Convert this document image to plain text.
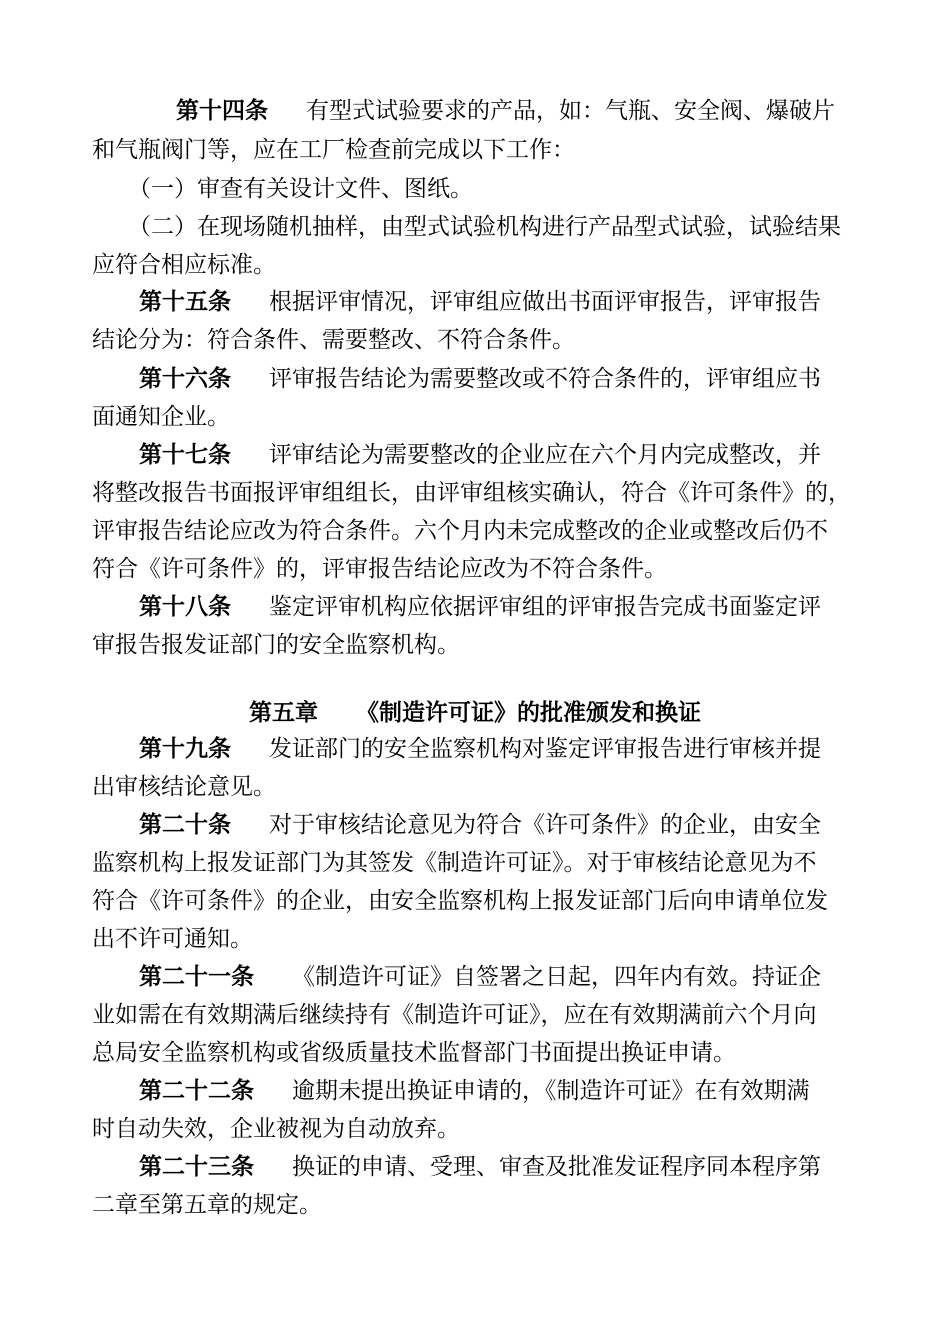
第十四条 有型式试验要求的产品，如：气瓶、安全阀、爆破片
和气瓶阀门等，应在工厂检查前完成以下工作：
（一）审查有关设计文件、图纸。
（二）在现场随机抽样，由型式试验机构进行产品型式试验，试验结果
应符合相应标准。
第十五条 根据评审情况，评审组应做出书面评审报告，评审报告
结论分为：符合条件、需要整改、不符合条件。
第十六条 评审报告结论为需要整改或不符合条件的，评审组应书
面通知企业。
第十七条 评审结论为需要整改的企业应在六个月内完成整改，并
将整改报告书面报评审组组长，由评审组核实确认，符合《许可条件》的，
评审报告结论应改为符合条件。六个月内未完成整改的企业或整改后仍不
符合《许可条件》的，评审报告结论应改为不符合条件。
第十八条 鉴定评审机构应依据评审组的评审报告完成书面鉴定评
审报告报发证部门的安全监察机构。
第五章 《制造许可证》的批准颁发和换证
第十九条 发证部门的安全监察机构对鉴定评审报告进行审核并提
出审核结论意见。
第二十条 对于审核结论意见为符合《许可条件》的企业，由安全
监察机构上报发证部门为其签发《制造许可证》。对于审核结论意见为不
符合《许可条件》的企业，由安全监察机构上报发证部门后向申请单位发
出不许可通知。
第二十一条 《制造许可证》自签署之日起，四年内有效。持证企
业如需在有效期满后继续持有《制造许可证》，应在有效期满前六个月向
总局安全监察机构或省级质量技术监督部门书面提出换证申请。
第二十二条 逾期未提出换证申请的，《制造许可证》在有效期满
时自动失效，企业被视为自动放弃。
第二十三条 换证的申请、受理、审查及批准发证程序同本程序第
二章至第五章的规定。
